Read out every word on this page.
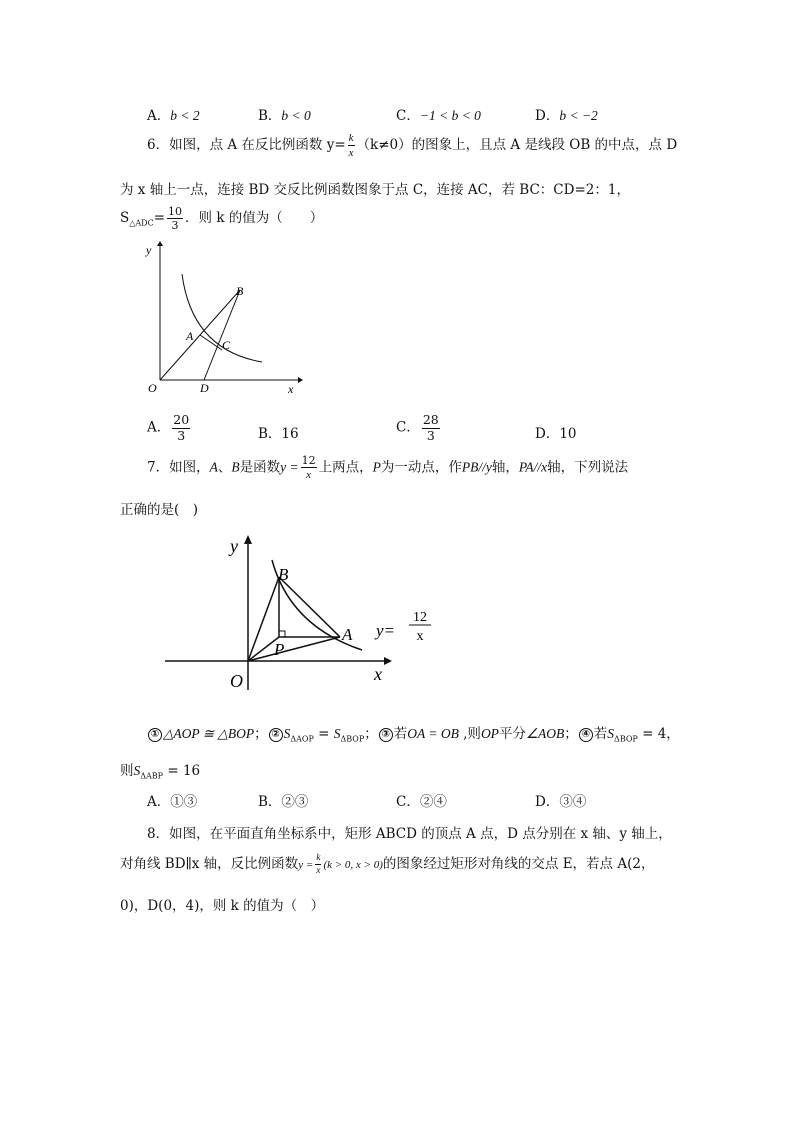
A．b < 2	B．b < 0	C．−1 < b < 0	D．b < −2
6．如图，点 A 在反比例函数 $y= \frac{k}{x} (k\ne 0)$的图象上，且点 A 是线段 OB 的中点，点 D
为 x 轴上一点，连接 BD 交反比例函数图象于点 C，连接 AC，若 BC：CD=2：1，
$S_{\triangle ADC}= \frac{10}{3}$ ．则 k 的值为（　　）
y
x
O
A
B
C
D
A． $\frac{20}{3}$	B．16	C． $\frac{28}{3}$	D．10
7．如图，A、B是函数$y = \frac{12}{x}$ 上两点，P为一动点，作PB//y轴，PA//x轴，下列说法
正确的是(　)
y
x
O
B
A
P
y=
12
x
① △AOP ≅ △BOP； ② $S_{\Delta AOP} = S_{\Delta BOP}$； ③ 若OA = OB ,则OP平分∠AOB； ④ 若$S_{\Delta BOP} = 4$，
则$S_{\Delta ABP} = 16$
A．①③	B．②③	C．②④	D．③④
8．如图，在平面直角坐标系中，矩形 ABCD 的顶点 A 点，D 点分别在 x 轴、y 轴上，
对角线 BD∥x 轴，反比例函数$y = \frac{k}{x} (k > 0$, x > 0)的图象经过矩形对角线的交点 E，若点 A(2，
0)，D(0，4)，则 k 的值为（　）
